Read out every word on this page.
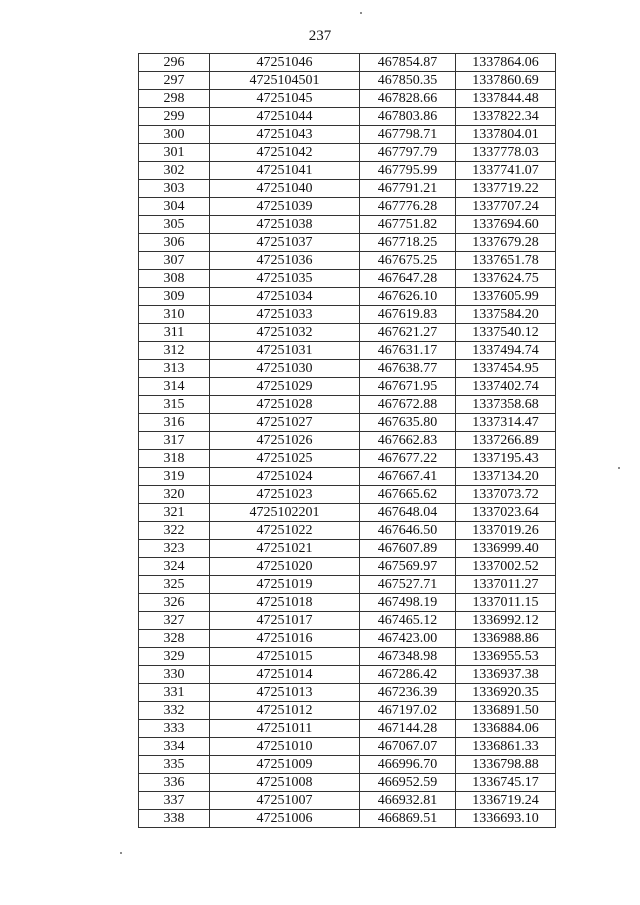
237
296	47251046	467854.87	1337864.06
297	4725104501	467850.35	1337860.69
298	47251045	467828.66	1337844.48
299	47251044	467803.86	1337822.34
300	47251043	467798.71	1337804.01
301	47251042	467797.79	1337778.03
302	47251041	467795.99	1337741.07
303	47251040	467791.21	1337719.22
304	47251039	467776.28	1337707.24
305	47251038	467751.82	1337694.60
306	47251037	467718.25	1337679.28
307	47251036	467675.25	1337651.78
308	47251035	467647.28	1337624.75
309	47251034	467626.10	1337605.99
310	47251033	467619.83	1337584.20
311	47251032	467621.27	1337540.12
312	47251031	467631.17	1337494.74
313	47251030	467638.77	1337454.95
314	47251029	467671.95	1337402.74
315	47251028	467672.88	1337358.68
316	47251027	467635.80	1337314.47
317	47251026	467662.83	1337266.89
318	47251025	467677.22	1337195.43
319	47251024	467667.41	1337134.20
320	47251023	467665.62	1337073.72
321	4725102201	467648.04	1337023.64
322	47251022	467646.50	1337019.26
323	47251021	467607.89	1336999.40
324	47251020	467569.97	1337002.52
325	47251019	467527.71	1337011.27
326	47251018	467498.19	1337011.15
327	47251017	467465.12	1336992.12
328	47251016	467423.00	1336988.86
329	47251015	467348.98	1336955.53
330	47251014	467286.42	1336937.38
331	47251013	467236.39	1336920.35
332	47251012	467197.02	1336891.50
333	47251011	467144.28	1336884.06
334	47251010	467067.07	1336861.33
335	47251009	466996.70	1336798.88
336	47251008	466952.59	1336745.17
337	47251007	466932.81	1336719.24
338	47251006	466869.51	1336693.10
